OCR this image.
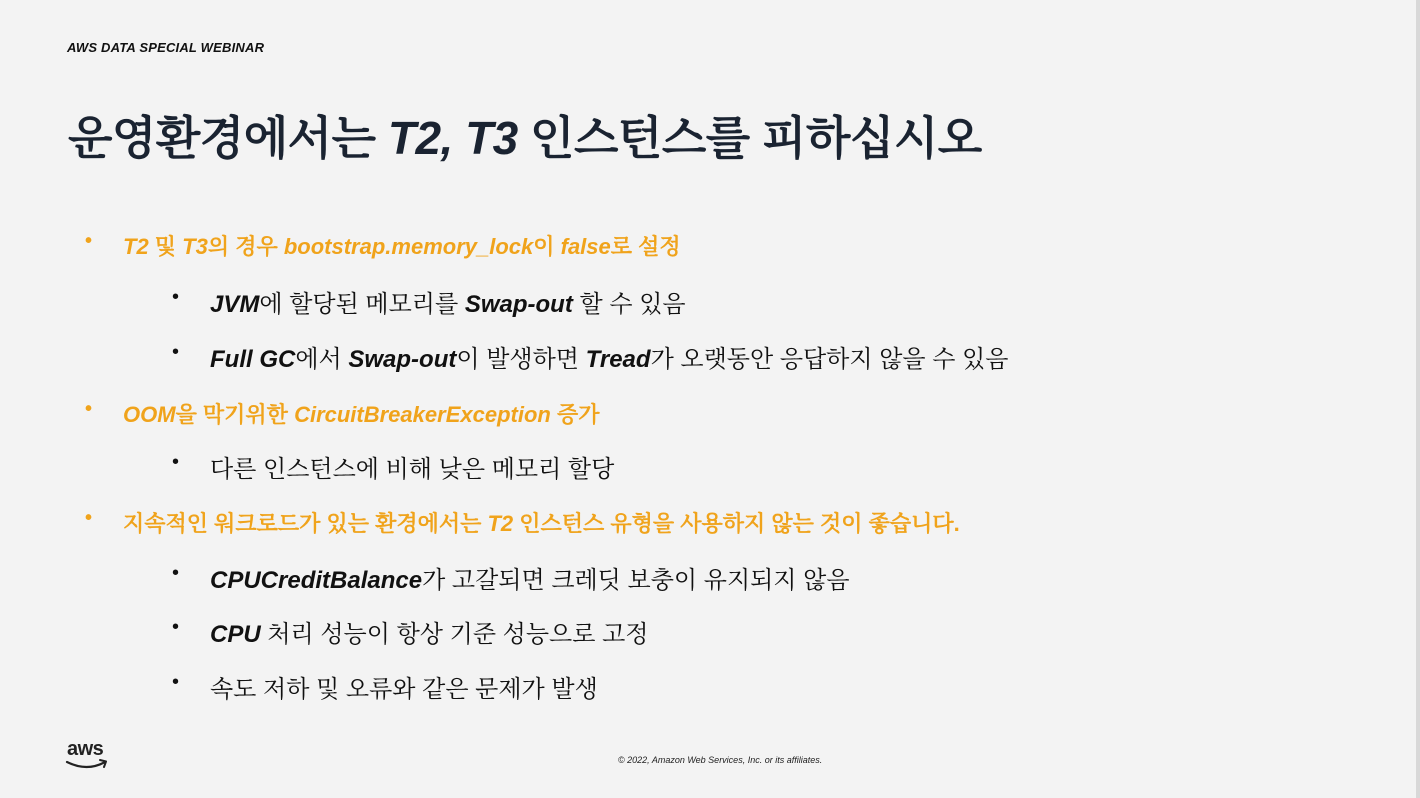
AWS DATA SPECIAL WEBINAR
운영환경에서는 T2, T3 인스턴스를 피하십시오
• T2 및 T3의 경우 bootstrap.memory_lock이 false로 설정
• JVM에 할당된 메모리를 Swap-out 할 수 있음
• Full GC에서 Swap-out이 발생하면 Tread가 오랫동안 응답하지 않을 수 있음
• OOM을 막기위한 CircuitBreakerException 증가
• 다른 인스턴스에 비해 낮은 메모리 할당
• 지속적인 워크로드가 있는 환경에서는 T2 인스턴스 유형을 사용하지 않는 것이 좋습니다.
• CPUCreditBalance가 고갈되면 크레딧 보충이 유지되지 않음
• CPU 처리 성능이 항상 기준 성능으로 고정
• 속도 저하 및 오류와 같은 문제가 발생
aws	© 2022, Amazon Web Services, Inc. or its affiliates.
